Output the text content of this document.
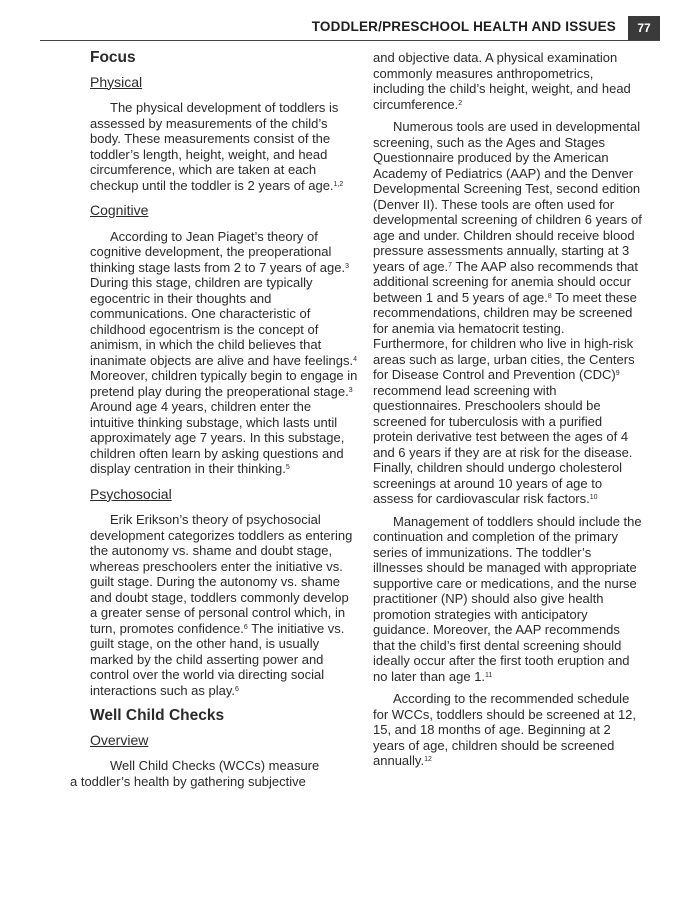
TODDLER/PRESCHOOL HEALTH AND ISSUES	77
Focus
Physical

The physical development of toddlers is assessed by measurements of the child’s body. These measurements consist of the toddler’s length, height, weight, and head circumference, which are taken at each checkup until the toddler is 2 years of age.$^{1,2}$

Cognitive

According to Jean Piaget’s theory of cognitive development, the preoperational thinking stage lasts from 2 to 7 years of age.$^3$ During this stage, children are typically egocentric in their thoughts and communications. One characteristic of childhood egocentrism is the concept of animism, in which the child believes that inanimate objects are alive and have feelings.$^4$ Moreover, children typically begin to engage in pretend play during the preoperational stage.$^3$ Around age 4 years, children enter the intuitive thinking substage, which lasts until approximately age 7 years. In this substage, children often learn by asking questions and display centration in their thinking.$^5$

Psychosocial

Erik Erikson’s theory of psychosocial development categorizes toddlers as entering the autonomy vs. shame and doubt stage, whereas preschoolers enter the initiative vs. guilt stage. During the autonomy vs. shame and doubt stage, toddlers commonly develop a greater sense of personal control which, in turn, promotes confidence.$^6$ The initiative vs. guilt stage, on the other hand, is usually marked by the child asserting power and control over the world via directing social interactions such as play.$^6$

Well Child Checks
Overview

Well Child Checks (WCCs) measure

a toddler’s health by gathering subjective

and objective data. A physical examination commonly measures anthropometrics, including the child’s height, weight, and head circumference.$^2$

Numerous tools are used in developmental screening, such as the Ages and Stages Questionnaire produced by the American Academy of Pediatrics (AAP) and the Denver Developmental Screening Test, second edition (Denver II). These tools are often used for developmental screening of children 6 years of age and under. Children should receive blood pressure assessments annually, starting at 3 years of age.$^7$ The AAP also recommends that additional screening for anemia should occur between 1 and 5 years of age.$^8$ To meet these recommendations, children may be screened for anemia via hematocrit testing. Furthermore, for children who live in high-risk areas such as large, urban cities, the Centers for Disease Control and Prevention (CDC)$^9$ recommend lead screening with questionnaires. Preschoolers should be screened for tuberculosis with a purified protein derivative test between the ages of 4 and 6 years if they are at risk for the disease. Finally, children should undergo cholesterol screenings at around 10 years of age to assess for cardiovascular risk factors.$^{10}$

Management of toddlers should include the continuation and completion of the primary series of immunizations. The toddler’s illnesses should be managed with appropriate supportive care or medications, and the nurse practitioner (NP) should also give health promotion strategies with anticipatory guidance. Moreover, the AAP recommends that the child’s first dental screening should ideally occur after the first tooth eruption and no later than age 1.11

According to the recommended schedule for WCCs, toddlers should be screened at 12, 15, and 18 months of age. Beginning at 2 years of age, children should be screened annually.$^{12}$
